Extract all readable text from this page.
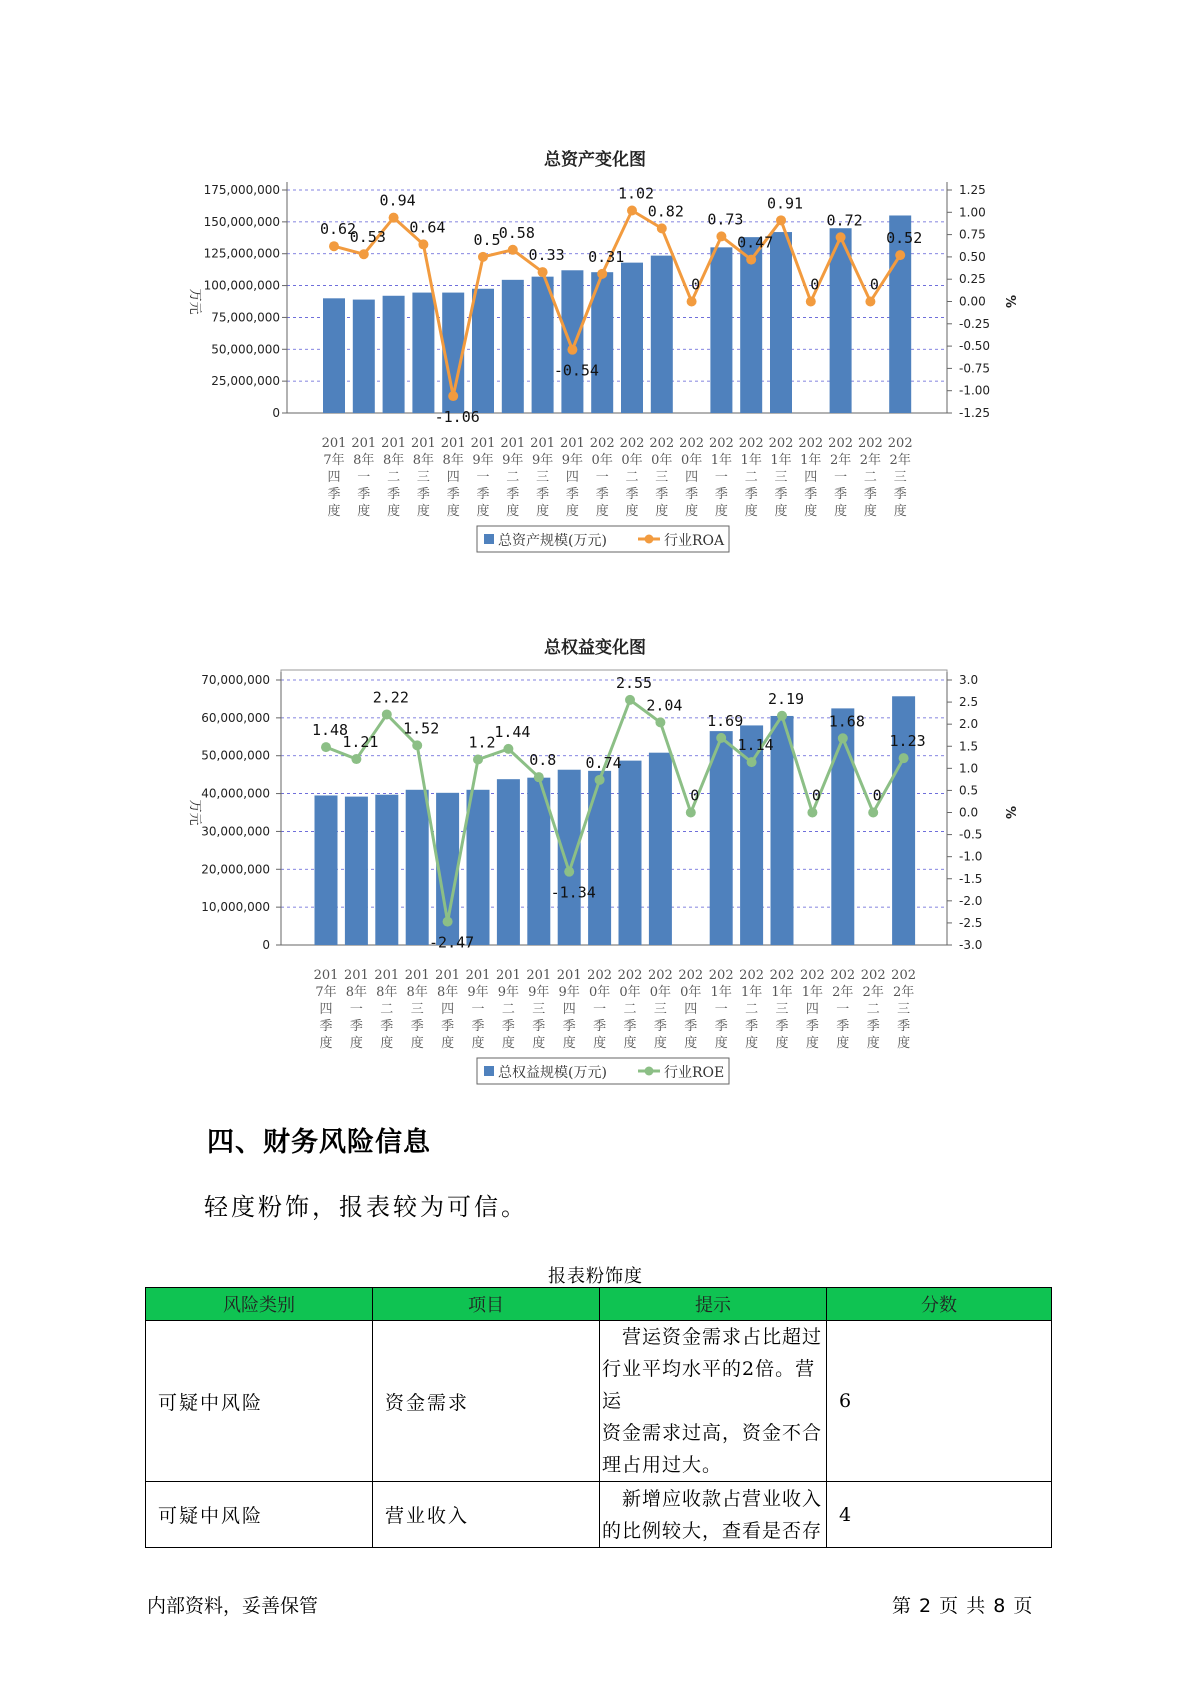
总资产变化图
0
25,000,000
50,000,000
75,000,000
100,000,000
125,000,000
150,000,000
175,000,000
-1.25
-1.00
-0.75
-0.50
-0.25
0.00
0.25
0.50
0.75
1.00
1.25
万元	%
0.62
0.53
0.94
0.64
-1.06
0.5
0.58
0.33
-0.54
0.31
1.02
0.82
0
0.73
0.47
0.91
0
0.72
0
0.52
201
7年
四
季
度
201
8年
一
季
度
201
8年
二
季
度
201
8年
三
季
度
201
8年
四
季
度
201
9年
一
季
度
201
9年
二
季
度
201
9年
三
季
度
201
9年
四
季
度
202
0年
一
季
度
202
0年
二
季
度
202
0年
三
季
度
202
0年
四
季
度
202
1年
一
季
度
202
1年
二
季
度
202
1年
三
季
度
202
1年
四
季
度
202
2年
一
季
度
202
2年
二
季
度
202
2年
三
季
度
总资产规模(万元)	行业ROA
总权益变化图
0
10,000,000
20,000,000
30,000,000
40,000,000
50,000,000
60,000,000
70,000,000
-3.0
-2.5
-2.0
-1.5
-1.0
-0.5
0.0
0.5
1.0
1.5
2.0
2.5
3.0
万元	%
1.48
1.21
2.22
1.52
-2.47
1.2
1.44
0.8
-1.34
0.74
2.55
2.04
0
1.69
1.14
2.19
0
1.68
0
1.23
201
7年
四
季
度
201
8年
一
季
度
201
8年
二
季
度
201
8年
三
季
度
201
8年
四
季
度
201
9年
一
季
度
201
9年
二
季
度
201
9年
三
季
度
201
9年
四
季
度
202
0年
一
季
度
202
0年
二
季
度
202
0年
三
季
度
202
0年
四
季
度
202
1年
一
季
度
202
1年
二
季
度
202
1年
三
季
度
202
1年
四
季
度
202
2年
一
季
度
202
2年
二
季
度
202
2年
三
季
度
总权益规模(万元)	行业ROE
四、财务风险信息
轻度粉饰，报表较为可信。
报表粉饰度
风险类别	项目	提示	分数
可疑中风险	资金需求	　营运资金需求占比超过
行业平均水平的2倍。营运
资金需求过高，资金不合
理占用过大。	6
可疑中风险	营业收入	　新增应收款占营业收入
的比例较大，查看是否存	4
内部资料，妥善保管	第 2 页 共 8 页
